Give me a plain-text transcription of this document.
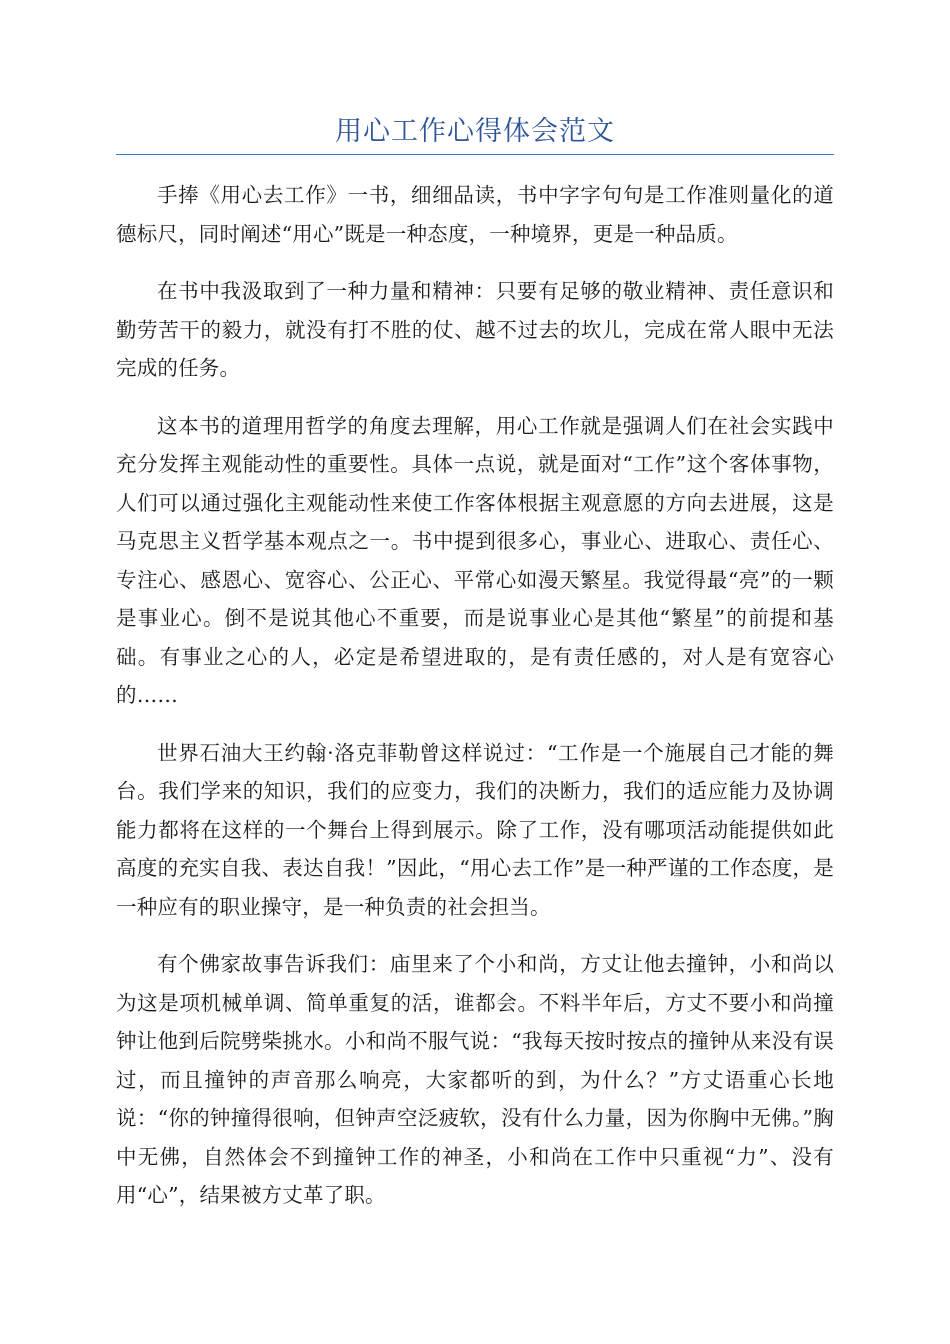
用心工作心得体会范文

手捧《用心去工作》一书，细细品读，书中字字句句是工作准则量化的道德标尺，同时阐述“用心”既是一种态度，一种境界，更是一种品质。

在书中我汲取到了一种力量和精神：只要有足够的敬业精神、责任意识和勤劳苦干的毅力，就没有打不胜的仗、越不过去的坎儿，完成在常人眼中无法完成的任务。

这本书的道理用哲学的角度去理解，用心工作就是强调人们在社会实践中充分发挥主观能动性的重要性。具体一点说，就是面对“工作”这个客体事物，人们可以通过强化主观能动性来使工作客体根据主观意愿的方向去进展，这是马克思主义哲学基本观点之一。书中提到很多心，事业心、进取心、责任心、专注心、感恩心、宽容心、公正心、平常心如漫天繁星。我觉得最“亮”的一颗是事业心。倒不是说其他心不重要，而是说事业心是其他“繁星”的前提和基础。有事业之心的人，必定是希望进取的，是有责任感的，对人是有宽容心的……

世界石油大王约翰·洛克菲勒曾这样说过：“工作是一个施展自己才能的舞台。我们学来的知识，我们的应变力，我们的决断力，我们的适应能力及协调能力都将在这样的一个舞台上得到展示。除了工作，没有哪项活动能提供如此高度的充实自我、表达自我！”因此，“用心去工作”是一种严谨的工作态度，是一种应有的职业操守，是一种负责的社会担当。

有个佛家故事告诉我们：庙里来了个小和尚，方丈让他去撞钟，小和尚以为这是项机械单调、简单重复的活，谁都会。不料半年后，方丈不要小和尚撞钟让他到后院劈柴挑水。小和尚不服气说：“我每天按时按点的撞钟从来没有误过，而且撞钟的声音那么响亮，大家都听的到，为什么？”方丈语重心长地说：“你的钟撞得很响，但钟声空泛疲软，没有什么力量，因为你胸中无佛。”胸中无佛，自然体会不到撞钟工作的神圣，小和尚在工作中只重视“力”、没有用“心”，结果被方丈革了职。
